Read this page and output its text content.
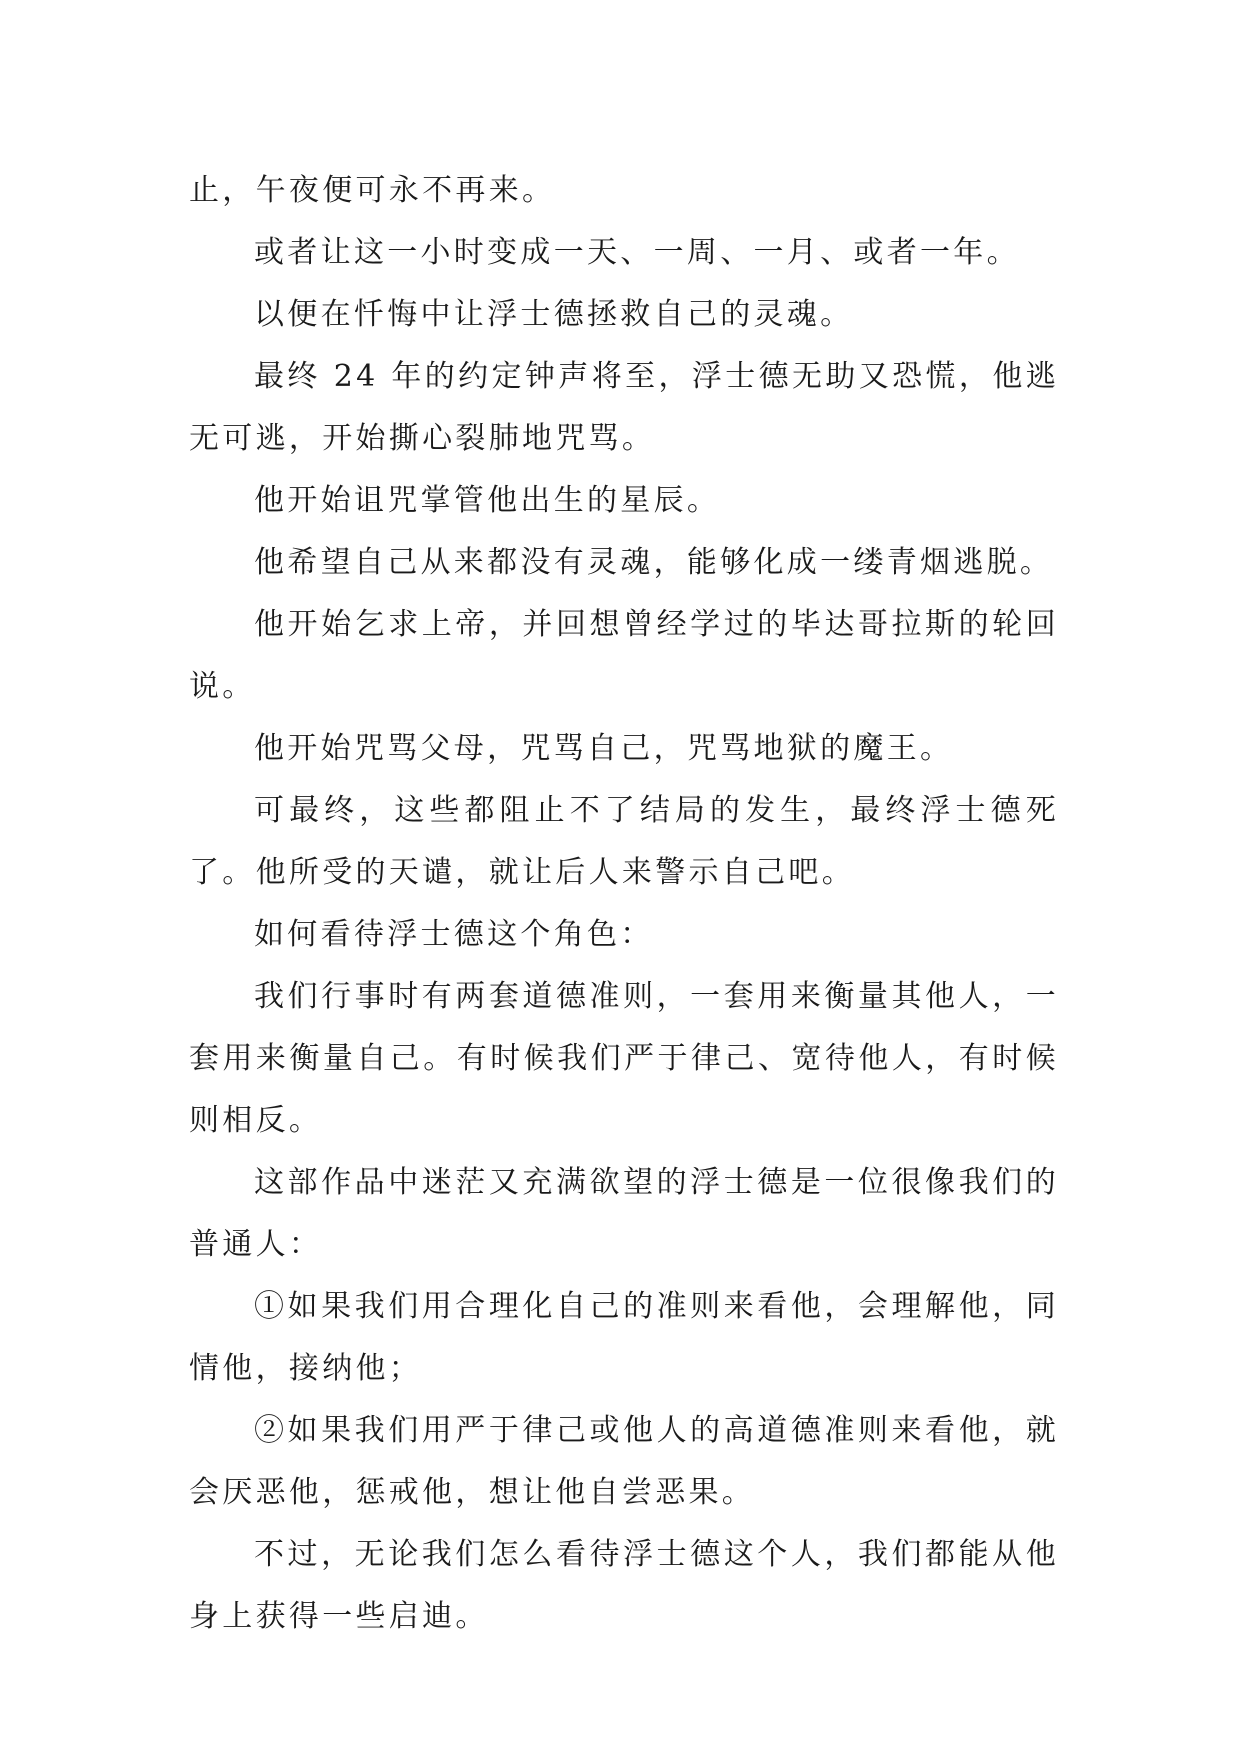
止，午夜便可永不再来。

或者让这一小时变成一天、一周、一月、或者一年。

以便在忏悔中让浮士德拯救自己的灵魂。

最终 24 年的约定钟声将至，浮士德无助又恐慌，他逃无可逃，开始撕心裂肺地咒骂。

他开始诅咒掌管他出生的星辰。

他希望自己从来都没有灵魂，能够化成一缕青烟逃脱。

他开始乞求上帝，并回想曾经学过的毕达哥拉斯的轮回说。

他开始咒骂父母，咒骂自己，咒骂地狱的魔王。

可最终，这些都阻止不了结局的发生，最终浮士德死了。他所受的天谴，就让后人来警示自己吧。

如何看待浮士德这个角色：

我们行事时有两套道德准则，一套用来衡量其他人，一套用来衡量自己。有时候我们严于律己、宽待他人，有时候则相反。

这部作品中迷茫又充满欲望的浮士德是一位很像我们的普通人：

①如果我们用合理化自己的准则来看他，会理解他，同情他，接纳他；

②如果我们用严于律己或他人的高道德准则来看他，就会厌恶他，惩戒他，想让他自尝恶果。

不过，无论我们怎么看待浮士德这个人，我们都能从他身上获得一些启迪。
